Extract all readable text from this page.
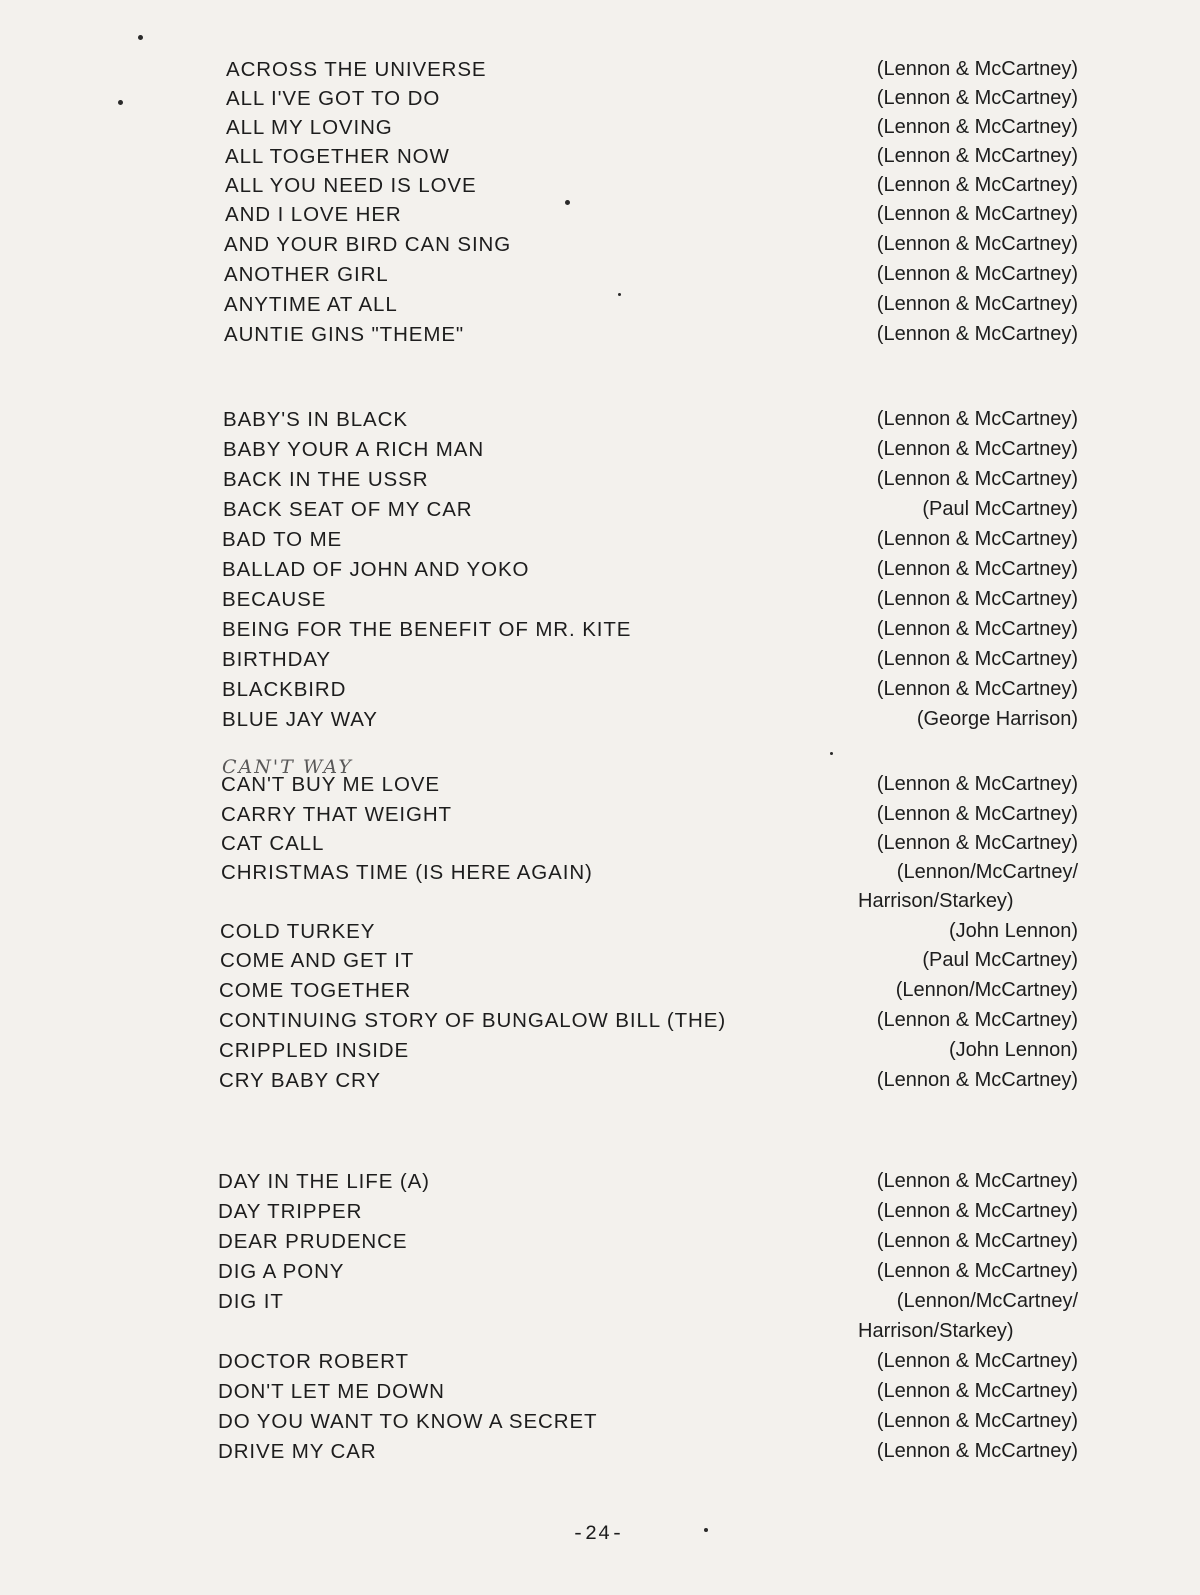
ACROSS THE UNIVERSE	(Lennon & McCartney)
ALL I'VE GOT TO DO	(Lennon & McCartney)
ALL MY LOVING	(Lennon & McCartney)
ALL TOGETHER NOW	(Lennon & McCartney)
ALL YOU NEED IS LOVE	(Lennon & McCartney)
AND I LOVE HER	(Lennon & McCartney)
AND YOUR BIRD CAN SING	(Lennon & McCartney)
ANOTHER GIRL	(Lennon & McCartney)
ANYTIME AT ALL	(Lennon & McCartney)
AUNTIE GINS "THEME"	(Lennon & McCartney)
BABY'S IN BLACK	(Lennon & McCartney)
BABY YOUR A RICH MAN	(Lennon & McCartney)
BACK IN THE USSR	(Lennon & McCartney)
BACK SEAT OF MY CAR	(Paul McCartney)
BAD TO ME	(Lennon & McCartney)
BALLAD OF JOHN AND YOKO	(Lennon & McCartney)
BECAUSE	(Lennon & McCartney)
BEING FOR THE BENEFIT OF MR. KITE	(Lennon & McCartney)
BIRTHDAY	(Lennon & McCartney)
BLACKBIRD	(Lennon & McCartney)
BLUE JAY WAY	(George Harrison)
CAN'T WAY
CAN'T BUY ME LOVE	(Lennon & McCartney)
CARRY THAT WEIGHT	(Lennon & McCartney)
CAT CALL	(Lennon & McCartney)
CHRISTMAS TIME (IS HERE AGAIN)	(Lennon/McCartney/
Harrison/Starkey)
COLD TURKEY	(John Lennon)
COME AND GET IT	(Paul McCartney)
COME TOGETHER	(Lennon/McCartney)
CONTINUING STORY OF BUNGALOW BILL (THE)	(Lennon & McCartney)
CRIPPLED INSIDE	(John Lennon)
CRY BABY CRY	(Lennon & McCartney)
DAY IN THE LIFE (A)	(Lennon & McCartney)
DAY TRIPPER	(Lennon & McCartney)
DEAR PRUDENCE	(Lennon & McCartney)
DIG A PONY	(Lennon & McCartney)
DIG IT	(Lennon/McCartney/
Harrison/Starkey)
DOCTOR ROBERT	(Lennon & McCartney)
DON'T LET ME DOWN	(Lennon & McCartney)
DO YOU WANT TO KNOW A SECRET	(Lennon & McCartney)
DRIVE MY CAR	(Lennon & McCartney)
-24-
